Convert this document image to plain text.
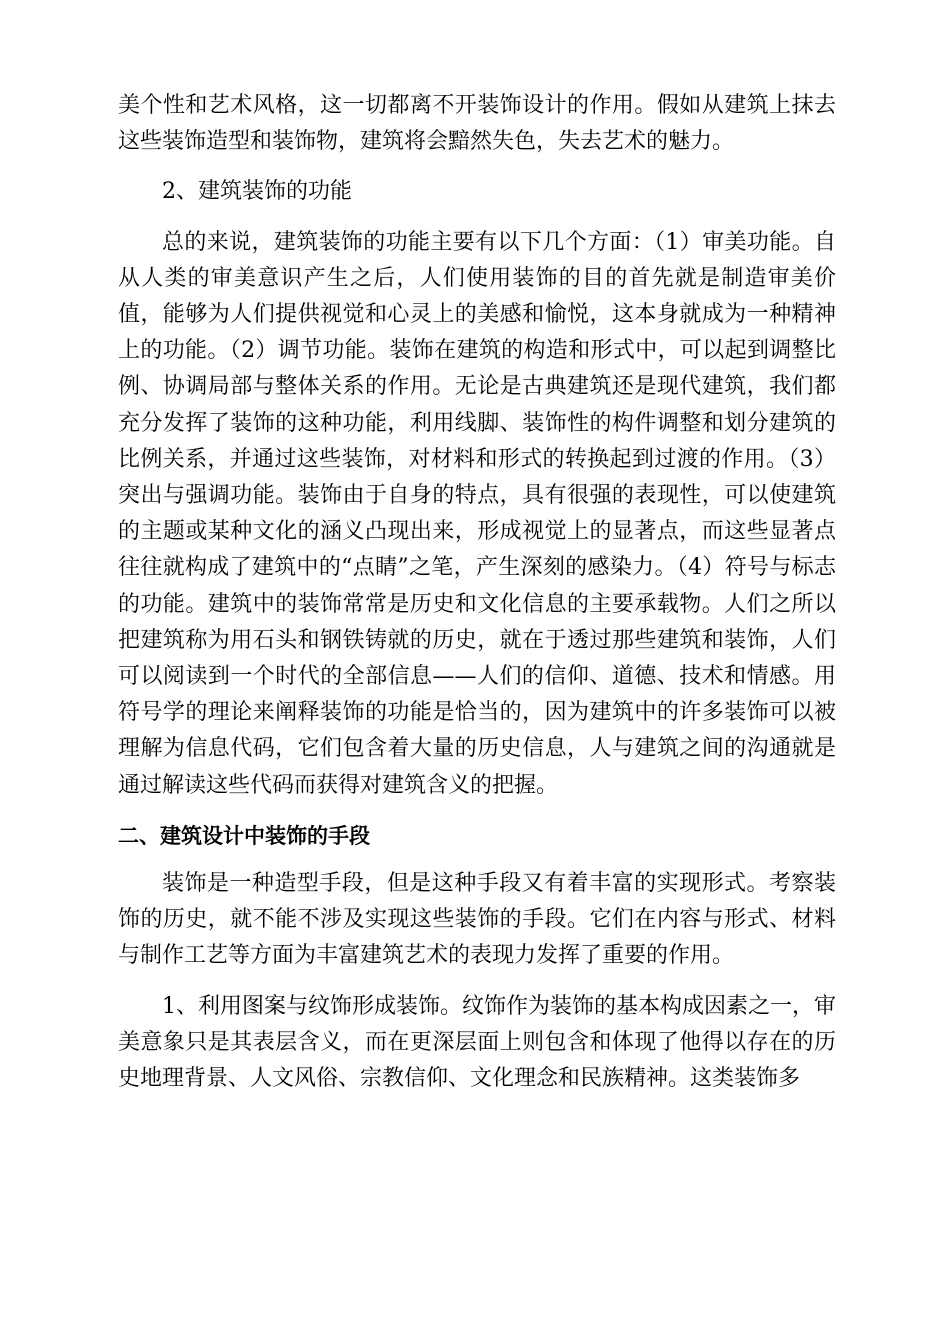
美个性和艺术风格，这一切都离不开装饰设计的作用。假如从建筑上抹去这些装饰造型和装饰物，建筑将会黯然失色，失去艺术的魅力。

2、建筑装饰的功能

总的来说，建筑装饰的功能主要有以下几个方面：（1）审美功能。自从人类的审美意识产生之后，人们使用装饰的目的首先就是制造审美价值，能够为人们提供视觉和心灵上的美感和愉悦，这本身就成为一种精神上的功能。（2）调节功能。装饰在建筑的构造和形式中，可以起到调整比例、协调局部与整体关系的作用。无论是古典建筑还是现代建筑，我们都充分发挥了装饰的这种功能，利用线脚、装饰性的构件调整和划分建筑的比例关系，并通过这些装饰，对材料和形式的转换起到过渡的作用。（3）突出与强调功能。装饰由于自身的特点，具有很强的表现性，可以使建筑的主题或某种文化的涵义凸现出来，形成视觉上的显著点，而这些显著点往往就构成了建筑中的“点睛”之笔，产生深刻的感染力。（4）符号与标志的功能。建筑中的装饰常常是历史和文化信息的主要承载物。人们之所以把建筑称为用石头和钢铁铸就的历史，就在于透过那些建筑和装饰，人们可以阅读到一个时代的全部信息——人们的信仰、道德、技术和情感。用符号学的理论来阐释装饰的功能是恰当的，因为建筑中的许多装饰可以被理解为信息代码，它们包含着大量的历史信息，人与建筑之间的沟通就是通过解读这些代码而获得对建筑含义的把握。

二、建筑设计中装饰的手段

装饰是一种造型手段，但是这种手段又有着丰富的实现形式。考察装饰的历史，就不能不涉及实现这些装饰的手段。它们在内容与形式、材料与制作工艺等方面为丰富建筑艺术的表现力发挥了重要的作用。

1、利用图案与纹饰形成装饰。纹饰作为装饰的基本构成因素之一，审美意象只是其表层含义，而在更深层面上则包含和体现了他得以存在的历史地理背景、人文风俗、宗教信仰、文化理念和民族精神。这类装饰多
